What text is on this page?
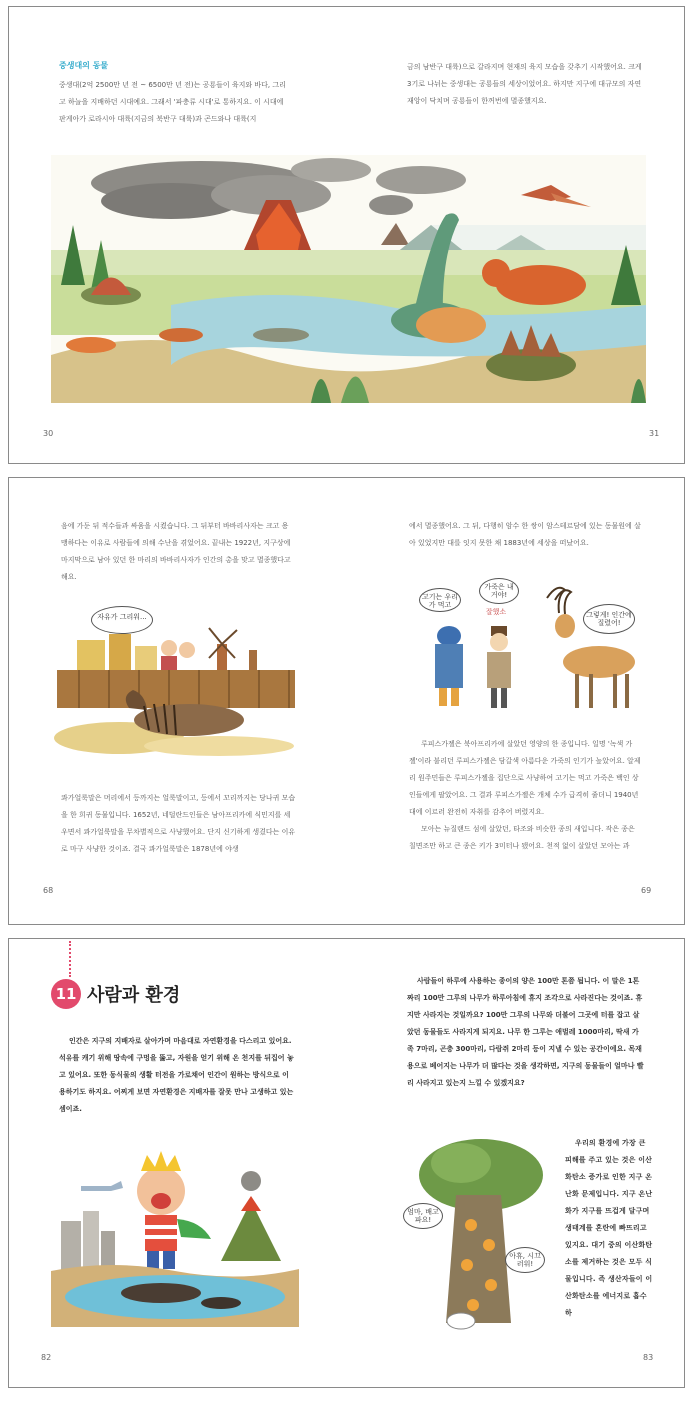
중생대의 동물

중생대(2억 2500만 년 전 ~ 6500만 년 전)는 공룡들이 육지와 바다, 그리고 하늘을 지배하던 시대예요. 그래서 '파충류 시대'로 통하지요. 이 시대에 판게아가 로라시아 대륙(지금의 북반구 대륙)과 곤드와나 대륙(지

금의 남반구 대륙)으로 갈라지며 현재의 육지 모습을 갖추기 시작했어요. 크게 3기로 나뉘는 중생대는 공룡들의 세상이었어요. 하지만 지구에 대규모의 자연 재앙이 닥치며 공룡들이 한꺼번에 멸종했지요.

30	31

음에 가둔 뒤 적수들과 싸움을 시켰습니다. 그 뒤부터 바바리사자는 크고 용맹하다는 이유로 사람들에 의해 수난을 겪었어요. 끝내는 1922년, 지구상에 마지막으로 남아 있던 한 마리의 바바리사자가 인간의 총을 맞고 멸종했다고 해요.

자유가 그리워...

콰가얼룩말은 머리에서 등까지는 얼룩말이고, 등에서 꼬리까지는 당나귀 모습을 한 희귀 동물입니다. 1652년, 네덜란드인들은 남아프리카에 식민지를 세우면서 콰가얼룩말을 무차별적으로 사냥했어요. 단지 신기하게 생겼다는 이유로 마구 사냥한 것이죠. 결국 콰가얼룩말은 1878년에 야생

에서 멸종했어요. 그 뒤, 다행히 암수 한 쌍이 암스테르담에 있는 동물원에 살아 있었지만 대를 잇지 못한 채 1883년에 세상을 떠났어요.

고기는 우리가 먹고
가죽은 내 거야!
잘했소	그렇게! 인간에 질렸어!

루피스가젤은 북아프리카에 살았던 영양의 한 종입니다. 일명 '녹색 가젤'이라 불리던 루피스가젤은 담갈색 아름다운 가죽의 인기가 높았어요. 알제리 원주민들은 루피스가젤을 집단으로 사냥하여 고기는 먹고 가죽은 백인 상인들에게 팔았어요. 그 결과 루피스가젤은 개체 수가 급격히 줄더니 1940년대에 이르러 완전히 자취를 감추어 버렸지요.

모아는 뉴질랜드 섬에 살았던, 타조와 비슷한 종의 새입니다. 작은 종은 칠면조만 하고 큰 종은 키가 3미터나 됐어요. 천적 없이 살았던 모아는 과

68	69
11 사람과 환경

인간은 지구의 지배자로 살아가며 마음대로 자연환경을 다스리고 있어요. 석유를 캐기 위해 땅속에 구멍을 뚫고, 자원을 얻기 위해 온 천지를 뒤집어 놓고 있어요. 또한 동식물의 생활 터전을 가로채어 인간이 원하는 방식으로 이용하기도 하지요. 어찌게 보면 자연환경은 지배자를 잘못 만나 고생하고 있는 셈이죠.

사람들이 하루에 사용하는 종이의 양은 100만 톤쯤 됩니다. 이 말은 1톤짜리 100만 그루의 나무가 하루아침에 휴지 조각으로 사라진다는 것이죠. 휴지만 사라지는 것일까요? 100만 그루의 나무와 더불어 그곳에 터를 잡고 살았던 동물들도 사라지게 되지요. 나무 한 그루는 애벌레 1000마리, 딱새 가족 7마리, 곤충 300마리, 다람쥐 2마리 등이 지낼 수 있는 공간이에요. 목재용으로 베어지는 나무가 더 많다는 것을 생각하면, 지구의 동물들이 얼마나 빨리 사라지고 있는지 느낄 수 있겠지요?

엄마, 배고파요!
아휴, 시끄러워!

우리의 환경에 가장 큰 피해를 주고 있는 것은 이산화탄소 증가로 인한 지구 온난화 문제입니다. 지구 온난화가 지구를 뜨겁게 달구며 생태계를 혼란에 빠뜨리고 있지요. 대기 중의 이산화탄소를 제거하는 것은 모두 식물입니다. 즉 생산자들이 이산화탄소를 에너지로 흡수하

82	83
